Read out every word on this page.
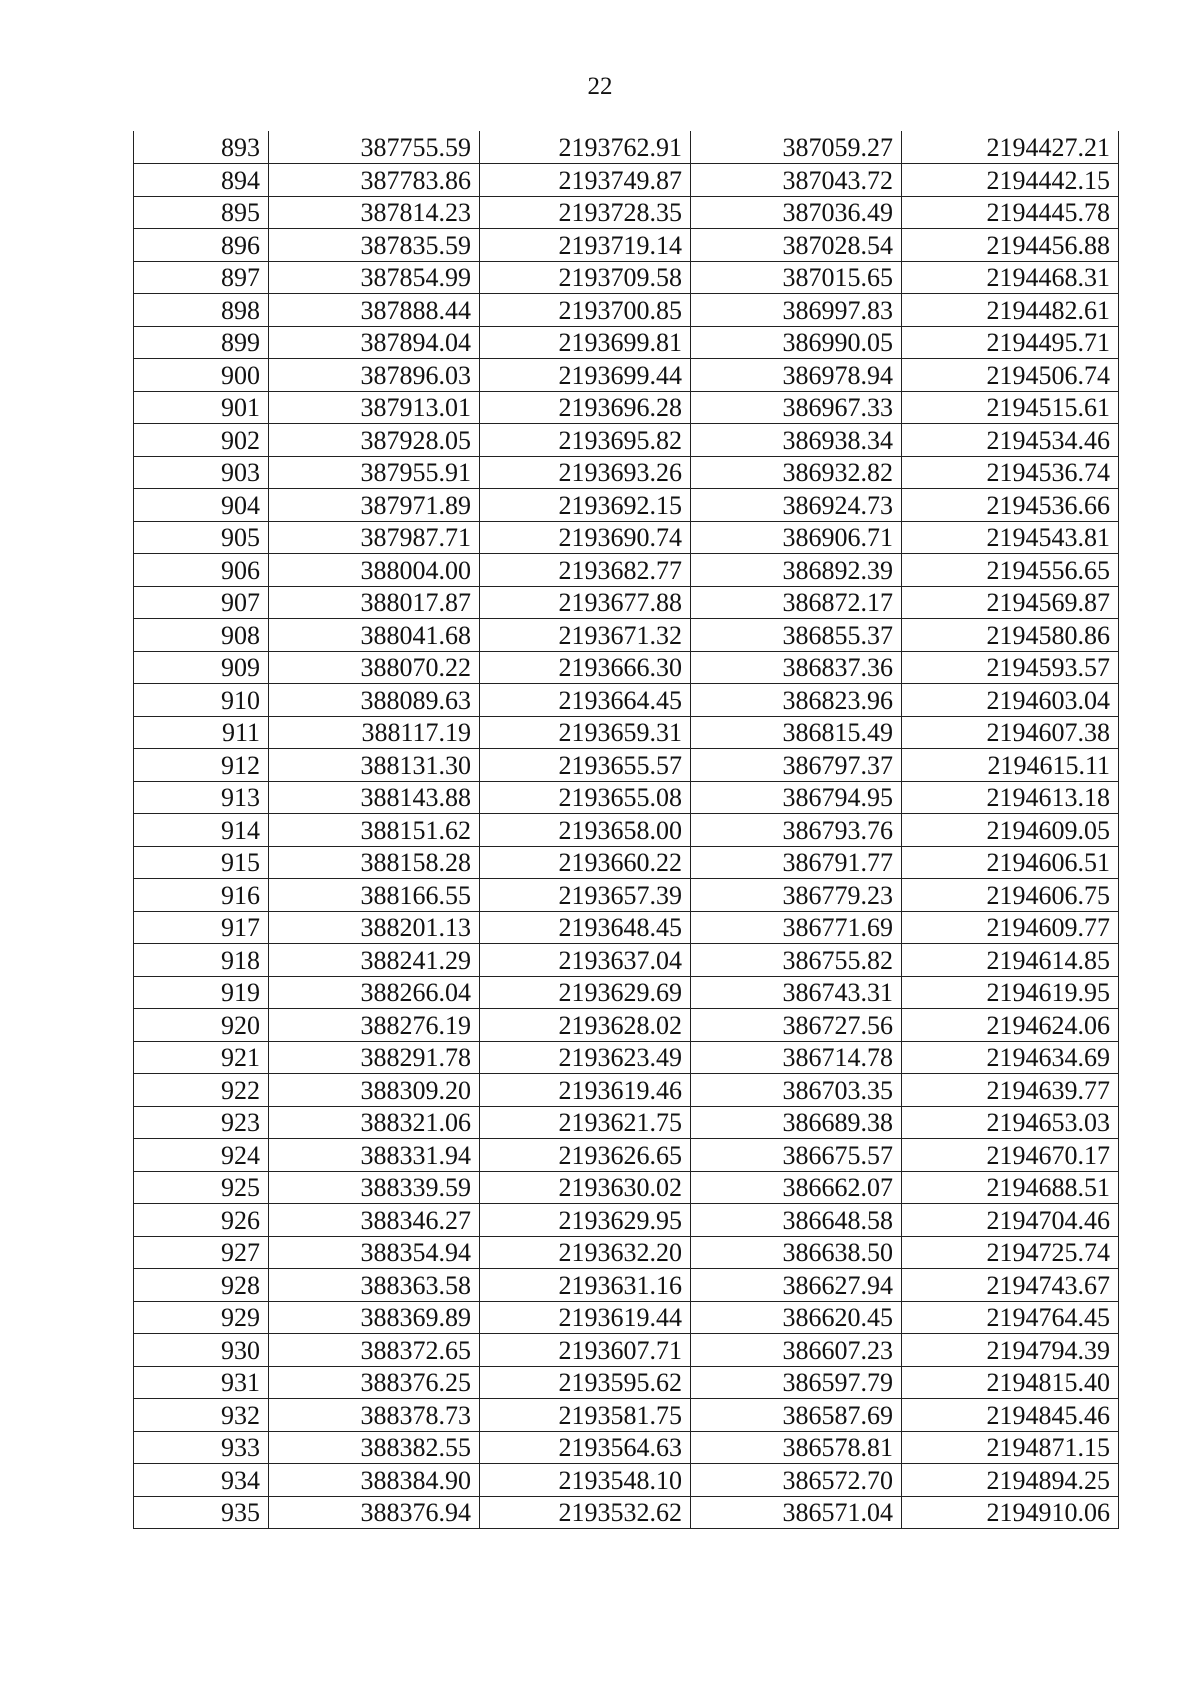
22
893	387755.59	2193762.91	387059.27	2194427.21
894	387783.86	2193749.87	387043.72	2194442.15
895	387814.23	2193728.35	387036.49	2194445.78
896	387835.59	2193719.14	387028.54	2194456.88
897	387854.99	2193709.58	387015.65	2194468.31
898	387888.44	2193700.85	386997.83	2194482.61
899	387894.04	2193699.81	386990.05	2194495.71
900	387896.03	2193699.44	386978.94	2194506.74
901	387913.01	2193696.28	386967.33	2194515.61
902	387928.05	2193695.82	386938.34	2194534.46
903	387955.91	2193693.26	386932.82	2194536.74
904	387971.89	2193692.15	386924.73	2194536.66
905	387987.71	2193690.74	386906.71	2194543.81
906	388004.00	2193682.77	386892.39	2194556.65
907	388017.87	2193677.88	386872.17	2194569.87
908	388041.68	2193671.32	386855.37	2194580.86
909	388070.22	2193666.30	386837.36	2194593.57
910	388089.63	2193664.45	386823.96	2194603.04
911	388117.19	2193659.31	386815.49	2194607.38
912	388131.30	2193655.57	386797.37	2194615.11
913	388143.88	2193655.08	386794.95	2194613.18
914	388151.62	2193658.00	386793.76	2194609.05
915	388158.28	2193660.22	386791.77	2194606.51
916	388166.55	2193657.39	386779.23	2194606.75
917	388201.13	2193648.45	386771.69	2194609.77
918	388241.29	2193637.04	386755.82	2194614.85
919	388266.04	2193629.69	386743.31	2194619.95
920	388276.19	2193628.02	386727.56	2194624.06
921	388291.78	2193623.49	386714.78	2194634.69
922	388309.20	2193619.46	386703.35	2194639.77
923	388321.06	2193621.75	386689.38	2194653.03
924	388331.94	2193626.65	386675.57	2194670.17
925	388339.59	2193630.02	386662.07	2194688.51
926	388346.27	2193629.95	386648.58	2194704.46
927	388354.94	2193632.20	386638.50	2194725.74
928	388363.58	2193631.16	386627.94	2194743.67
929	388369.89	2193619.44	386620.45	2194764.45
930	388372.65	2193607.71	386607.23	2194794.39
931	388376.25	2193595.62	386597.79	2194815.40
932	388378.73	2193581.75	386587.69	2194845.46
933	388382.55	2193564.63	386578.81	2194871.15
934	388384.90	2193548.10	386572.70	2194894.25
935	388376.94	2193532.62	386571.04	2194910.06
